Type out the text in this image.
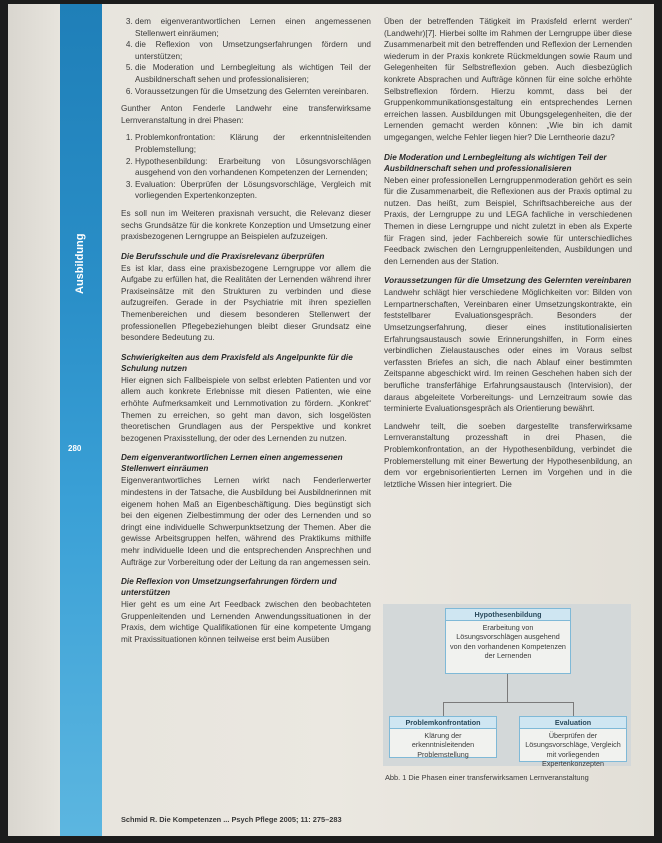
Ausbildung
280
3. dem eigenverantwortlichen Lernen einen angemessenen Stellenwert einräumen;
4. die Reflexion von Umsetzungserfahrungen fördern und unterstützen;
5. die Moderation und Lernbegleitung als wichtigen Teil der Ausbildnerschaft sehen und professionalisieren;
6. Voraussetzungen für die Umsetzung des Gelernten vereinbaren.

Gunther Anton Fenderle Landwehr eine transferwirksame Lernveranstaltung in drei Phasen:

1. Problemkonfrontation: Klärung der erkenntnisleitenden Problemstellung;
2. Hypothesenbildung: Erarbeitung von Lösungsvorschlägen ausgehend von den vorhandenen Kompetenzen der Lernenden;
3. Evaluation: Überprüfen der Lösungsvorschläge, Vergleich mit vorliegenden Expertenkonzepten.

Es soll nun im Weiteren praxisnah versucht, die Relevanz dieser sechs Grundsätze für die konkrete Konzeption und Umsetzung einer praxisbezogenen Lerngruppe an Beispielen aufzuzeigen.

Die Berufsschule und die Praxisrelevanz überprüfen

Es ist klar, dass eine praxisbezogene Lerngruppe vor allem die Aufgabe zu erfüllen hat, die Realitäten der Lernenden während ihrer Praxiseinsätze mit den Strukturen zu verbinden und diese aufzugreifen. Gerade in der Psychiatrie mit ihren speziellen Themenbereichen und diesem besonderen Stellenwert der professionellen Pflegebeziehungen bleibt dieser Grundsatz eine besondere Bedeutung zu.

Schwierigkeiten aus dem Praxisfeld als Angelpunkte für die Schulung nutzen

Hier eignen sich Fallbeispiele von selbst erlebten Patienten und vor allem auch konkrete Erlebnisse mit diesen Patienten, wie eine erhöhte Aufmerksamkeit und Lernmotivation zu fördern. „Konkret“ Themen zu erreichen, so geht man davon, sich losgelösten theoretischen Grundlagen aus der Perspektive und konkret bezogenen Praxisstellung, der oder des Lernenden zu nutzen.

Dem eigenverantwortlichen Lernen einen angemessenen Stellenwert einräumen

Eigenverantwortliches Lernen wirkt nach Fenderlerwerter mindestens in der Tatsache, die Ausbildung bei Ausbildnerinnen mit eigenem hohen Maß an Eigenbeschäftigung. Dies begünstigt sich bei den eigenen Zielbestimmung der oder des Lernenden und so dringt eine individuelle Schwerpunktsetzung der Themen. Aber die gewisse Arbeitsgruppen helfen, während des Praktikums mithilfe mehr individuelle Ideen und die entsprechenden Ansprechhen und Aufträge zur Vorbereitung oder der Leitung da ran angemessen sein.

Die Reflexion von Umsetzungserfahrungen fördern und unterstützen

Hier geht es um eine Art Feedback zwischen den beobachteten Gruppenleitenden und Lernenden Anwendungssituationen in der Praxis, dem wichtige Qualifikationen für eine kompetente Umgang mit Praxissituationen können teilweise erst beim Ausüben

Üben der betreffenden Tätigkeit im Praxisfeld erlernt werden“ (Landwehr)[7]. Hierbei sollte im Rahmen der Lerngruppe über diese Zusammenarbeit mit den betreffenden und Reflexion der Lernenden wiederum in der Praxis konkrete Rückmeldungen sowie Raum und Gelegenheiten für Selbstreflexion geben. Auch diesbezüglich konkrete Absprachen und Aufträge können für eine solche erhöhte Selbstreflexion fördern. Hierzu kommt, dass bei der Gruppenkommunikationsgestaltung ein entsprechendes Lernen erreichen lassen. Ausbildungen mit Übungsgelegenheiten, die der Lernenden gemacht werden können: „Wie bin ich damit umgegangen, welche Fehler liegen hier? Die Lerntheorie dazu?

Die Moderation und Lernbegleitung als wichtigen Teil der Ausbildnerschaft sehen und professionalisieren

Neben einer professionellen Lerngruppenmoderation gehört es sein für die Zusammenarbeit, die Reflexionen aus der Praxis optimal zu nutzen. Das heißt, zum Beispiel, Schriftsachbereiche aus der Praxis, der Lerngruppe zu und LEGA fachliche in verschiedenen Themen in diese Lerngruppe und nicht zuletzt in eben als Experte für Fragen sind, jeder Fachbereich sowie für unterschiedliches Feedback zwischen den Lerngruppenleitenden, Ausbildungen und den Lernenden aus der Station.

Voraussetzungen für die Umsetzung des Gelernten vereinbaren

Landwehr schlägt hier verschiedene Möglichkeiten vor: Bilden von Lernpartnerschaften, Vereinbaren einer Umsetzungskontrakte, ein feststellbarer Evaluationsgespräch. Besonders der Umsetzungserfahrung, dieser eines institutionalisierten Erfahrungsaustausch sowie Erinnerungshilfen, in Form eines verbindlichen Zielaustausches oder eines im Voraus selbst verfassten Briefes an sich, die nach Ablauf einer bestimmten Zeitspanne abgeschickt wird. Im reinen Geschehen haben sich der berufliche transferfähige Erfahrungsaustausch (Intervision), der daraus abgeleitete Vorbereitungs- und Lernzeitraum sowie das terminierte Evaluationsgespräch als Orientierung bewährt.

Landwehr teilt, die soeben dargestellte transferwirksame Lernveranstaltung prozesshaft in drei Phasen, die Problemkonfrontation, an der Hypothesenbildung, verbindet die Problemerstellung mit einer Bewertung der Hypothesenbildung, an dem vor ergebnisorientierten Lernen im Vorgehen und in die letztliche Wissen hier integriert. Die

Hypothesenbildung
Erarbeitung von Lösungsvorschlägen ausgehend von den vorhandenen Kompetenzen der Lernenden
Problemkonfrontation
Klärung der erkenntnisleitenden Problemstellung
Evaluation
Überprüfen der Lösungsvorschläge, Vergleich mit vorliegenden Expertenkonzepten
Abb. 1 Die Phasen einer transferwirksamen Lernveranstaltung
Schmid R. Die Kompetenzen ... Psych Pflege 2005; 11: 275–283
